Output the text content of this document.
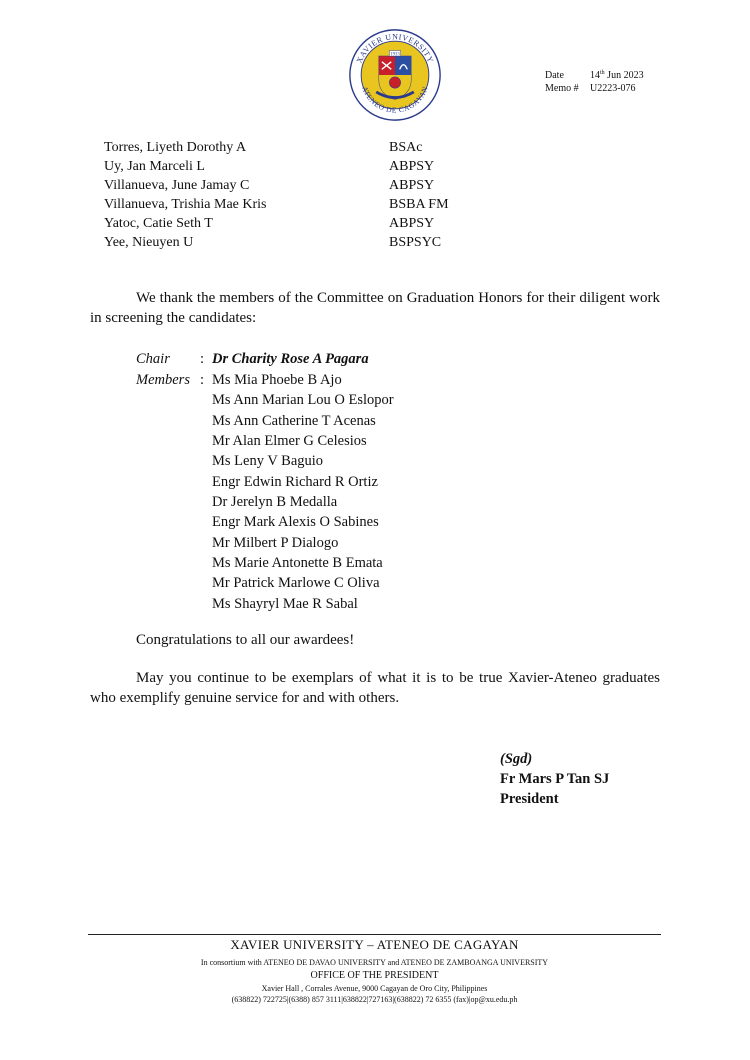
XAVIER UNIVERSITY
ATENEO DE CAGAYAN
1933
Date	14th Jun 2023
Memo # U2223-076
Torres, Liyeth Dorothy A	BSAc
Uy, Jan Marceli L	ABPSY
Villanueva, June Jamay C	ABPSY
Villanueva, Trishia Mae Kris	BSBA FM
Yatoc, Catie Seth T	ABPSY
Yee, Nieuyen U	BSPSYC

We thank the members of the Committee on Graduation Honors for their diligent work in screening the candidates:

Chair : Dr Charity Rose A Pagara
Members : Ms Mia Phoebe B Ajo
Ms Ann Marian Lou O Eslopor
Ms Ann Catherine T Acenas
Mr Alan Elmer G Celesios
Ms Leny V Baguio
Engr Edwin Richard R Ortiz
Dr Jerelyn B Medalla
Engr Mark Alexis O Sabines
Mr Milbert P Dialogo
Ms Marie Antonette B Emata
Mr Patrick Marlowe C Oliva
Ms Shayryl Mae R Sabal

Congratulations to all our awardees!

May you continue to be exemplars of what it is to be true Xavier-Ateneo graduates who exemplify genuine service for and with others.

(Sgd)
Fr Mars P Tan SJ
President
XAVIER UNIVERSITY – ATENEO DE CAGAYAN
In consortium with ATENEO DE DAVAO UNIVERSITY and ATENEO DE ZAMBOANGA UNIVERSITY
OFFICE OF THE PRESIDENT
Xavier Hall , Corrales Avenue, 9000 Cagayan de Oro City, Philippines
(638822) 722725|(6388) 857 3111|638822|727163|(638822) 72 6355 (fax)|op@xu.edu.ph
